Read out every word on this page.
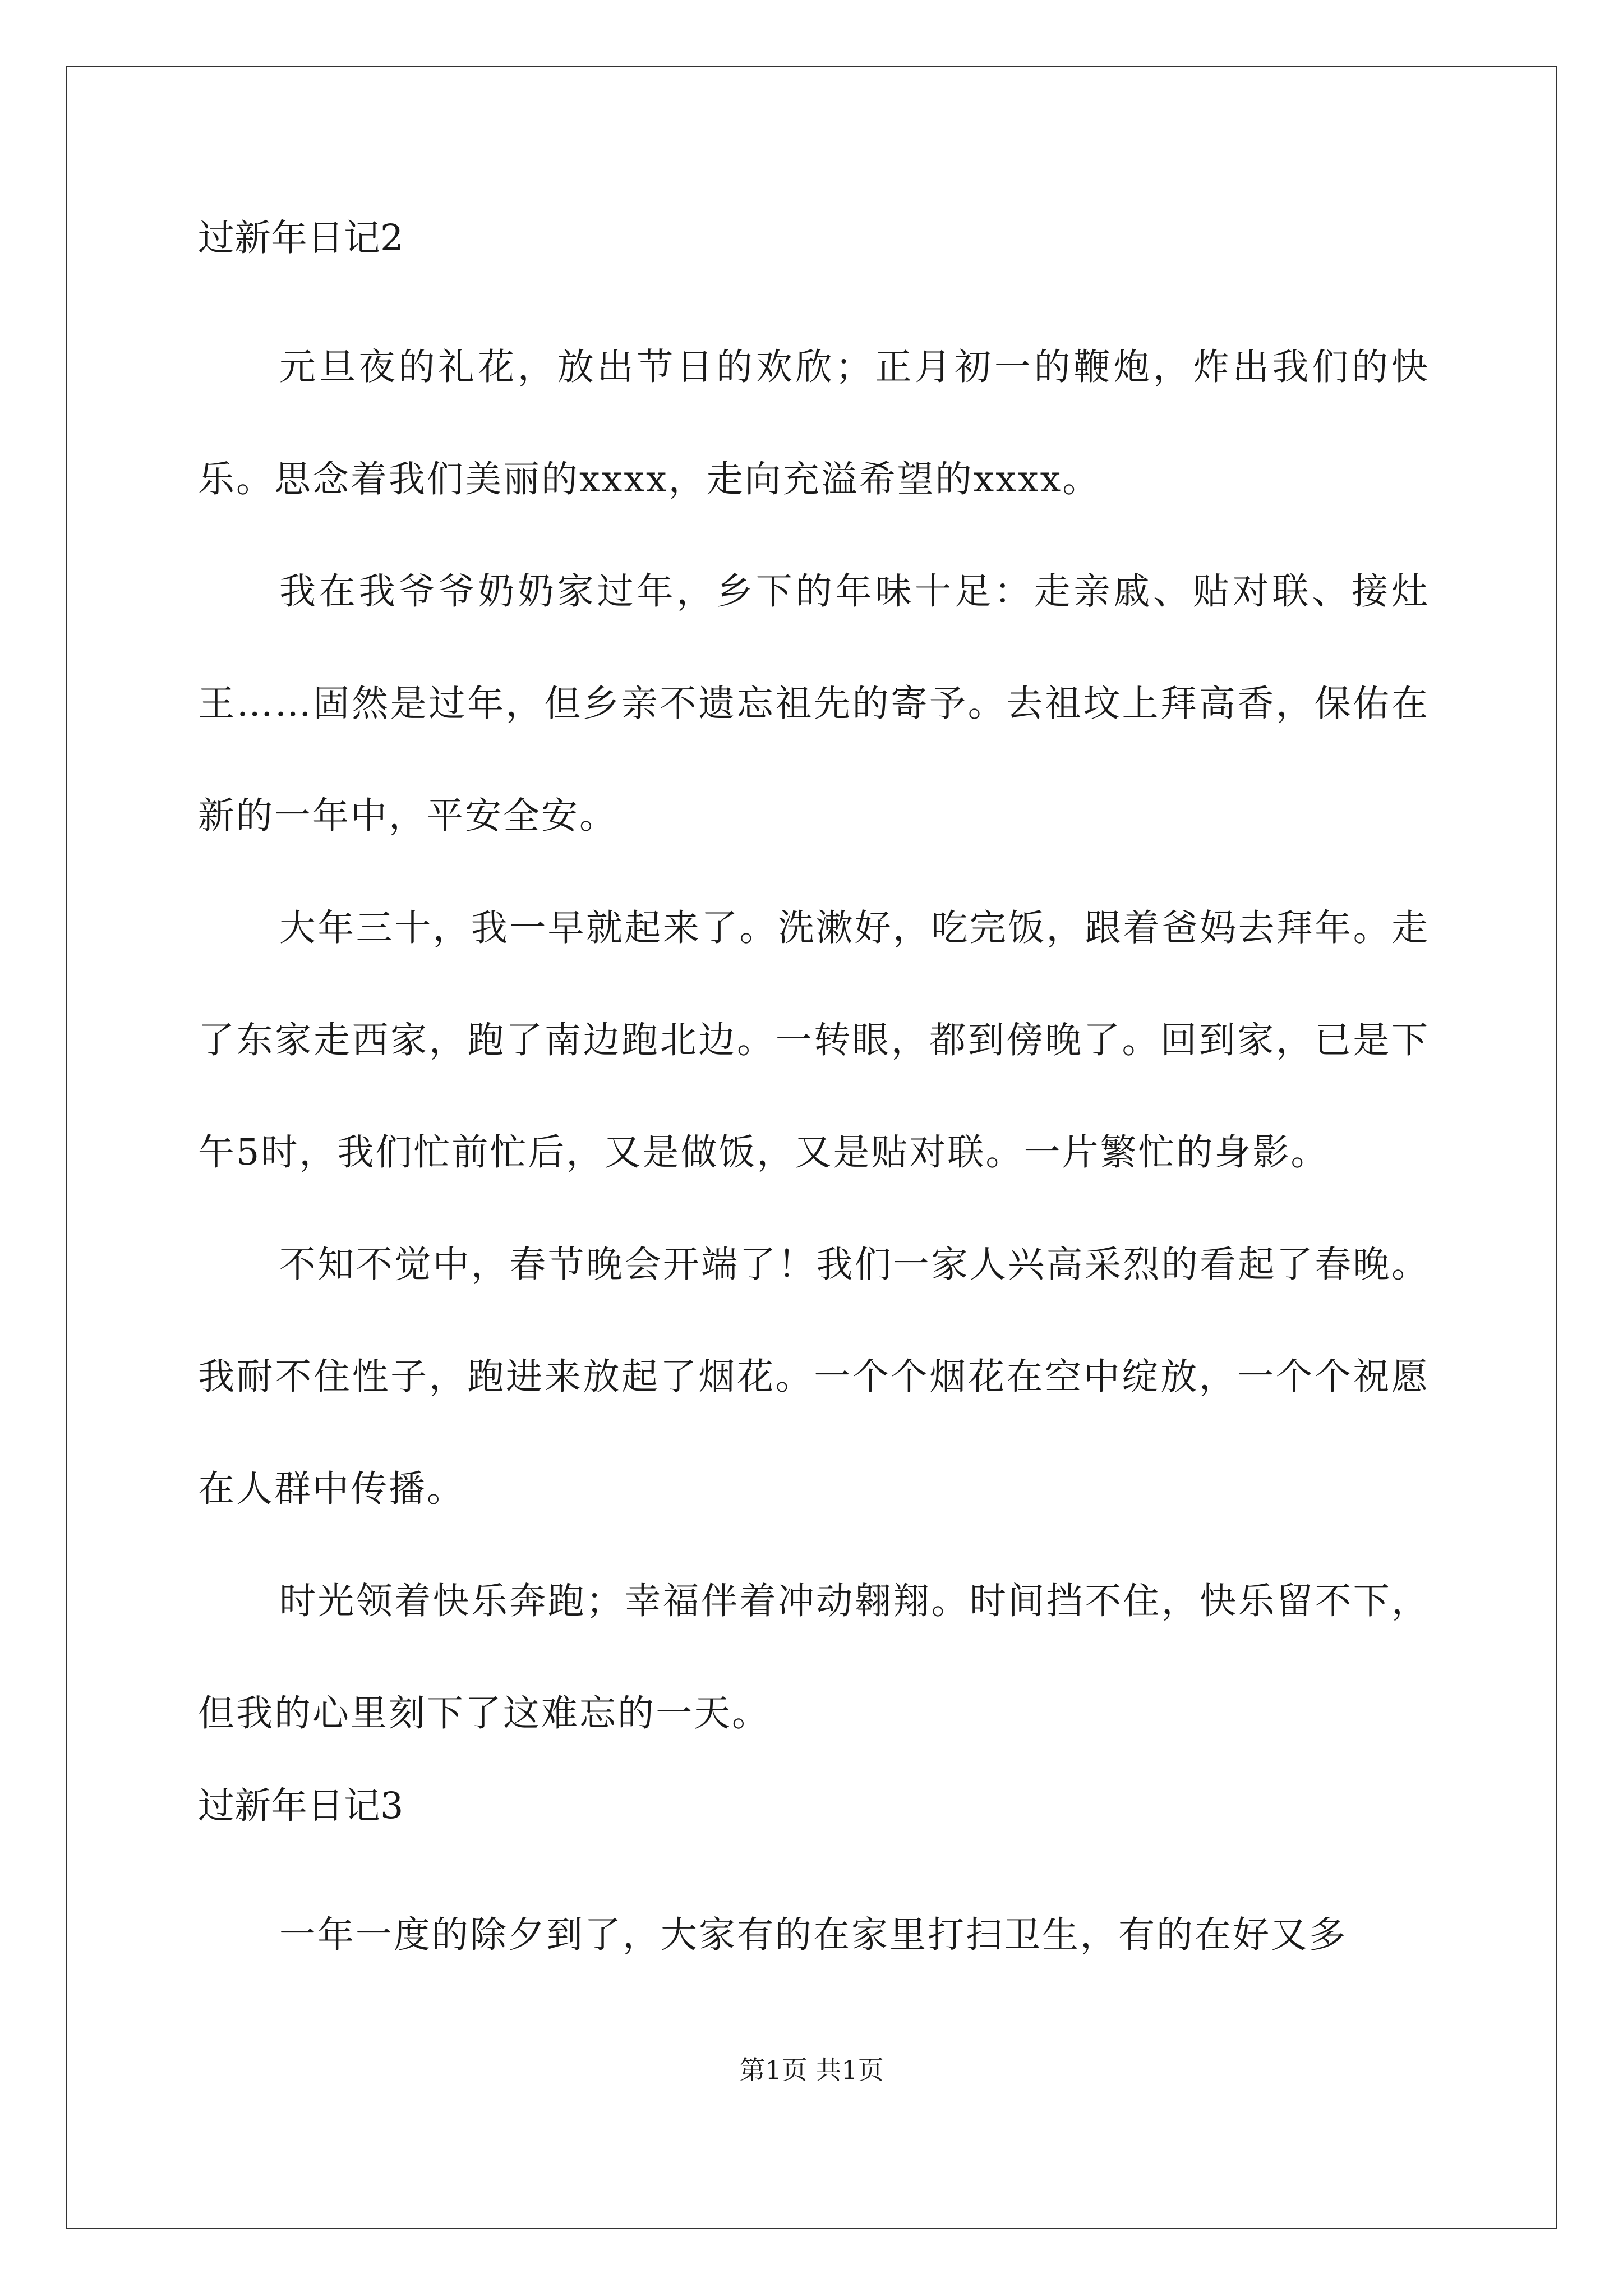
过新年日记2

元旦夜的礼花，放出节日的欢欣；正月初一的鞭炮，炸出我们的快乐。思念着我们美丽的xxxx，走向充溢希望的xxxx。

我在我爷爷奶奶家过年，乡下的年味十足：走亲戚、贴对联、接灶王……固然是过年，但乡亲不遗忘祖先的寄予。去祖坟上拜高香，保佑在新的一年中，平安全安。

大年三十，我一早就起来了。洗漱好，吃完饭，跟着爸妈去拜年。走了东家走西家，跑了南边跑北边。一转眼，都到傍晚了。回到家，已是下午5时，我们忙前忙后，又是做饭，又是贴对联。一片繁忙的身影。

不知不觉中，春节晚会开端了！我们一家人兴高采烈的看起了春晚。我耐不住性子，跑进来放起了烟花。一个个烟花在空中绽放，一个个祝愿在人群中传播。

时光领着快乐奔跑；幸福伴着冲动翱翔。时间挡不住，快乐留不下，但我的心里刻下了这难忘的一天。

过新年日记3

一年一度的除夕到了，大家有的在家里打扫卫生，有的在好又多

第1页 共1页
